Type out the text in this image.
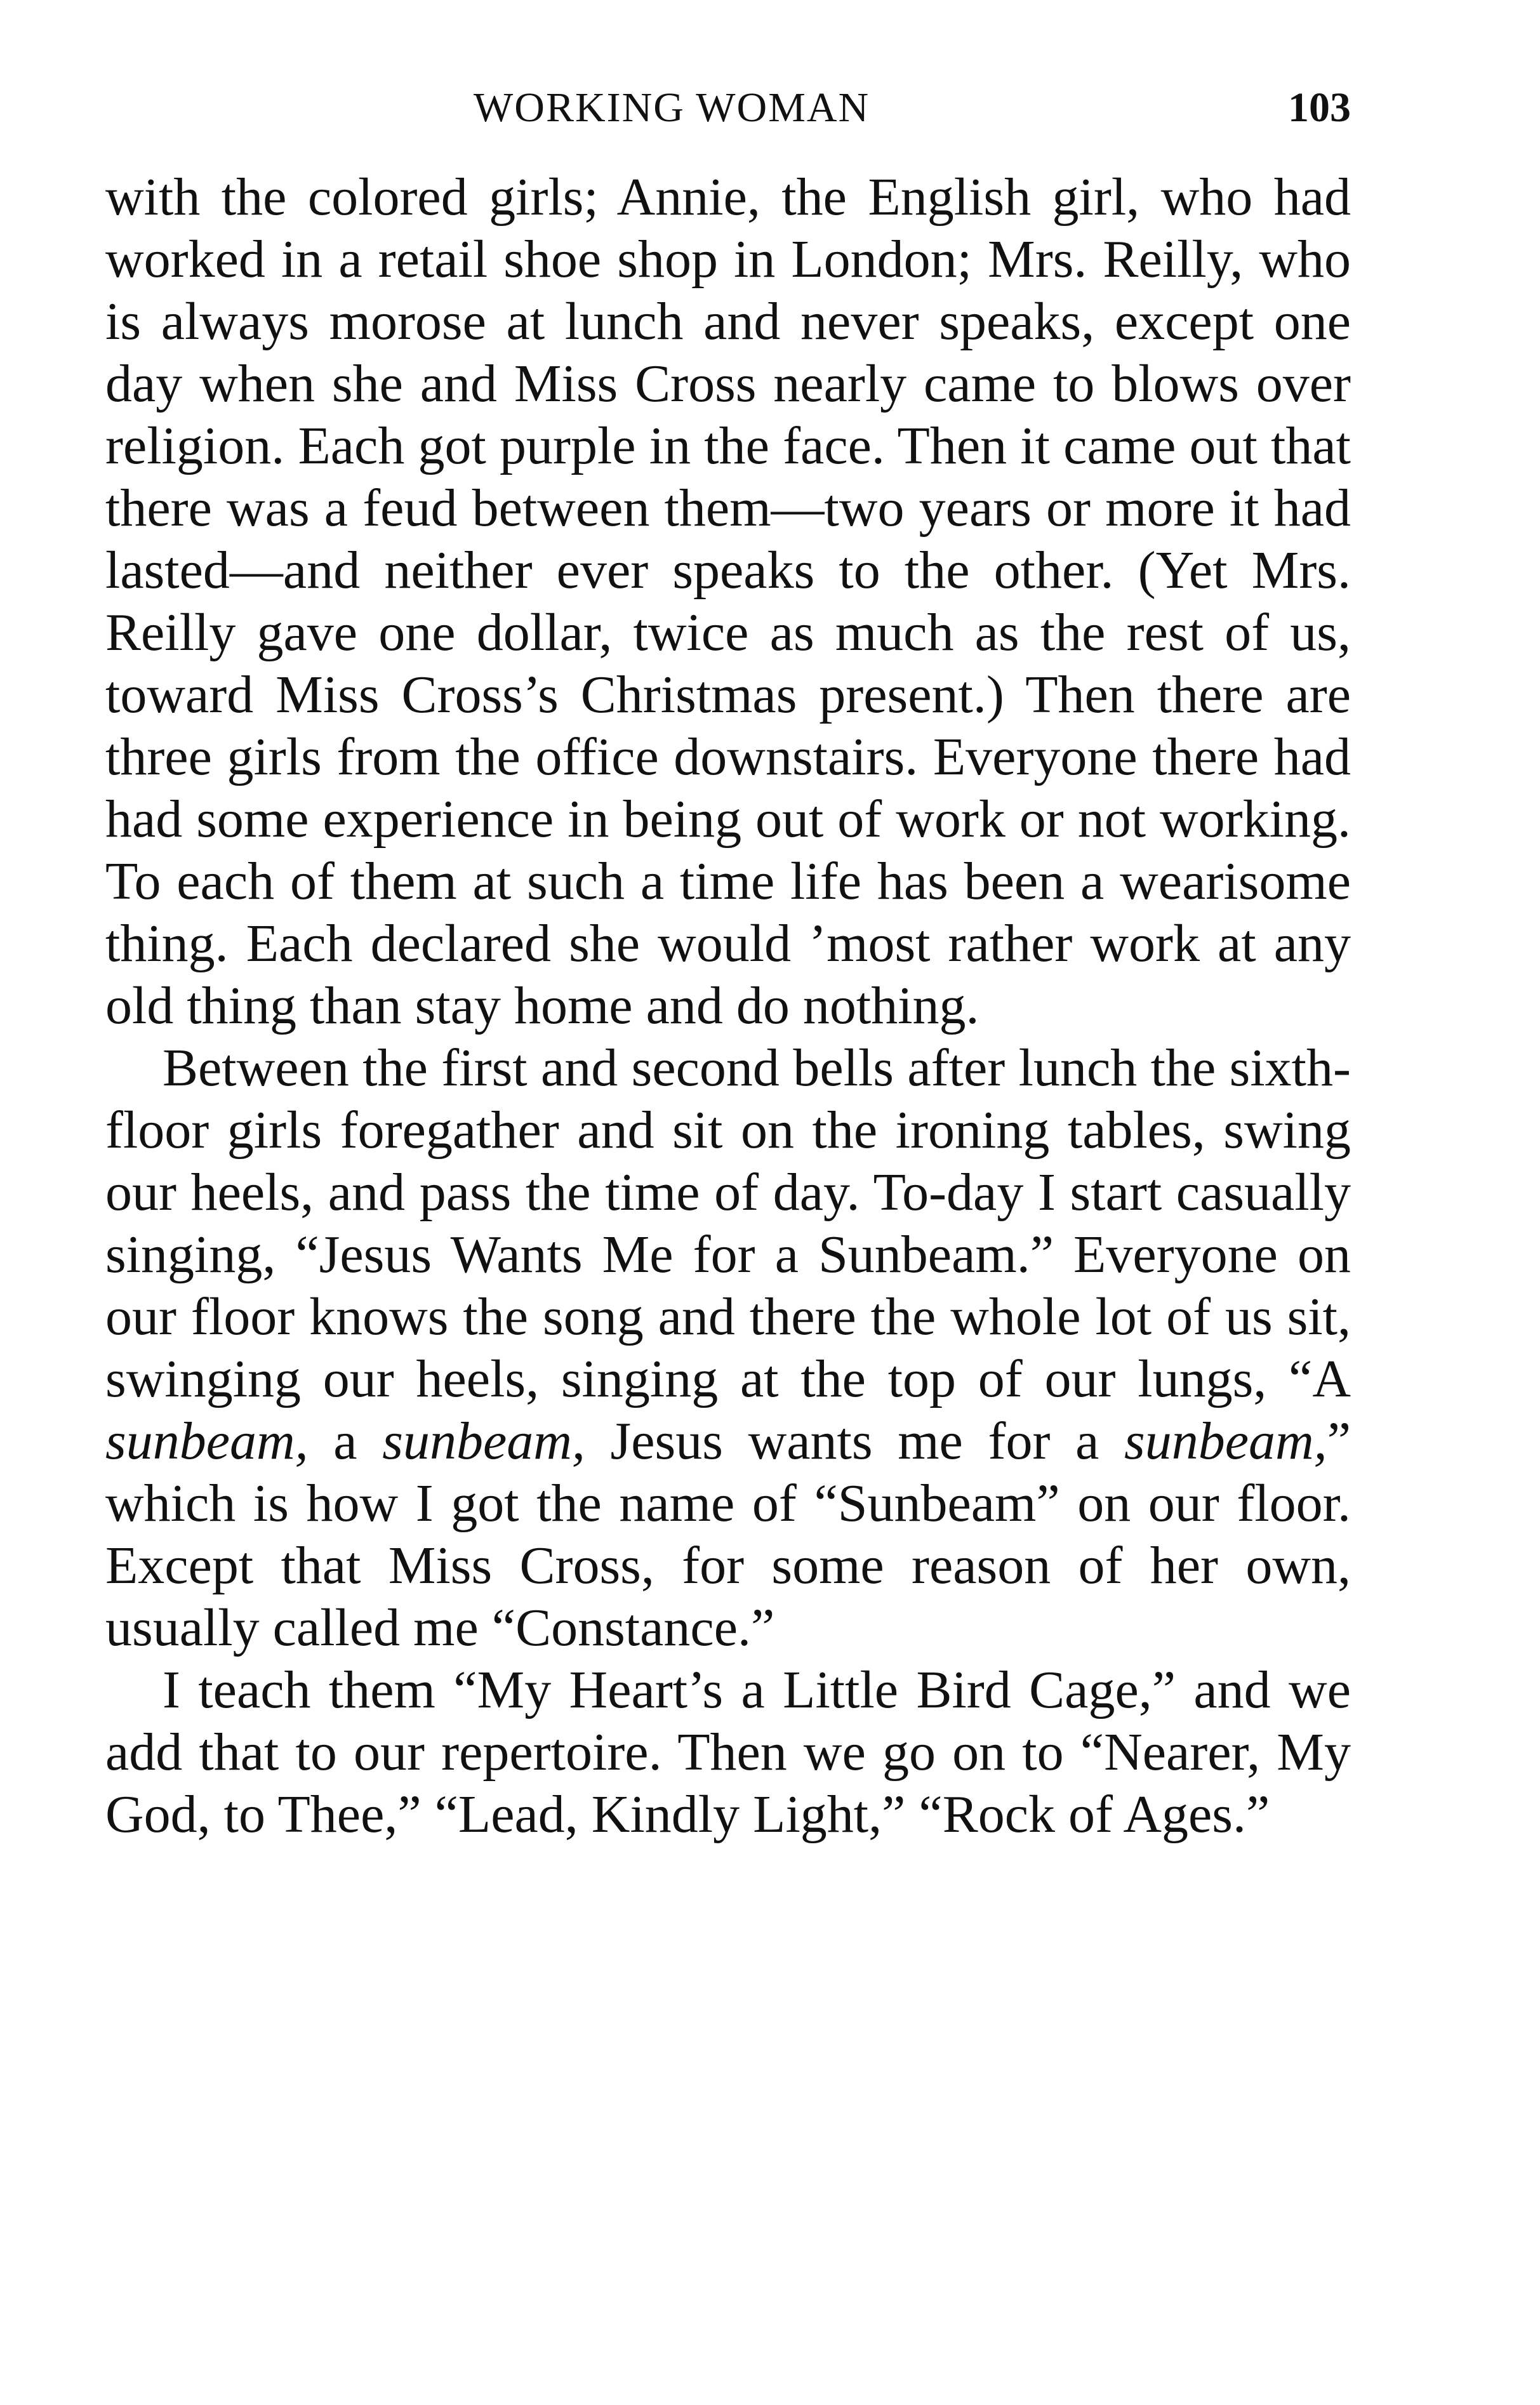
WORKING WOMAN	103

with the colored girls; Annie, the English girl, who had worked in a retail shoe shop in London; Mrs. Reilly, who is always morose at lunch and never speaks, except one day when she and Miss Cross nearly came to blows over religion. Each got purple in the face. Then it came out that there was a feud between them—two years or more it had lasted—and neither ever speaks to the other. (Yet Mrs. Reilly gave one dollar, twice as much as the rest of us, toward Miss Cross’s Christmas present.) Then there are three girls from the office downstairs. Everyone there had had some experience in being out of work or not working. To each of them at such a time life has been a wearisome thing. Each declared she would ’most rather work at any old thing than stay home and do nothing.

Between the first and second bells after lunch the sixth-floor girls foregather and sit on the ironing tables, swing our heels, and pass the time of day. To-day I start casually singing, “Jesus Wants Me for a Sunbeam.” Everyone on our floor knows the song and there the whole lot of us sit, swinging our heels, singing at the top of our lungs, “A sunbeam, a sunbeam, Jesus wants me for a sunbeam,” which is how I got the name of “Sunbeam” on our floor. Except that Miss Cross, for some reason of her own, usually called me “Constance.”

I teach them “My Heart’s a Little Bird Cage,” and we add that to our repertoire. Then we go on to “Nearer, My God, to Thee,” “Lead, Kindly Light,” “Rock of Ages.”
